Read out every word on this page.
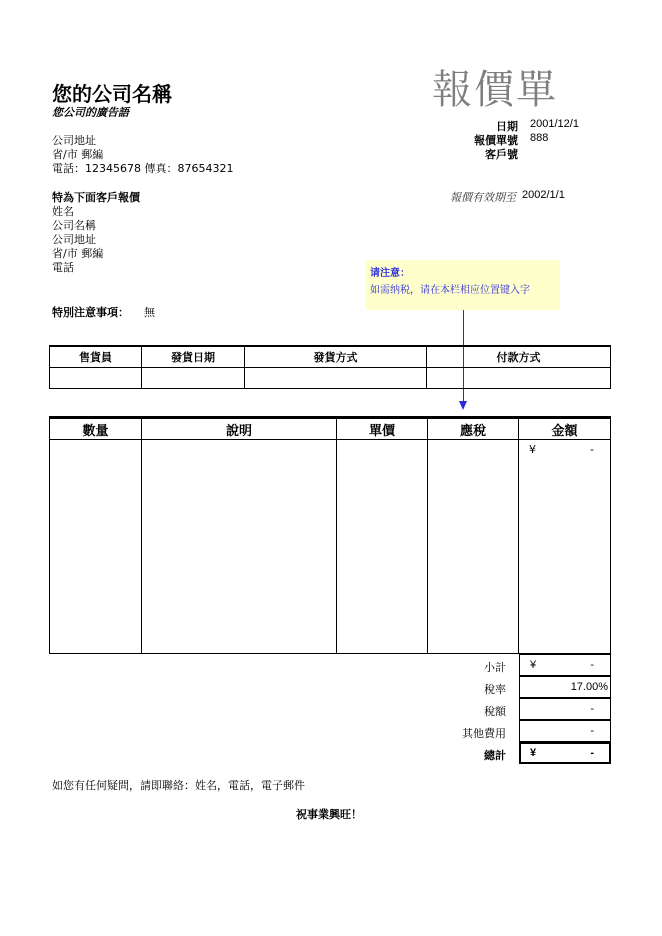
您的公司名稱
您公司的廣告語
公司地址
省/市 郵編
電話：12345678 傳真：87654321
報價單
日期 2001/12/1
報價單號 888
客戶號
報價有效期至 2002/1/1
特為下面客戶報價
姓名
公司名稱
公司地址
省/市 郵編
電話	请注意：
如需纳税，请在本栏相应位置键入字
特別注意事項： 無
售貨員	發貨日期	發貨方式	付款方式

數量	說明	單價	應稅	金額

				¥ -
小計 ¥	-
稅率	17.00%
稅額	-
其他費用	-
總計 ¥	-
如您有任何疑問，請即聯絡：姓名，電話，電子郵件
祝事業興旺！
